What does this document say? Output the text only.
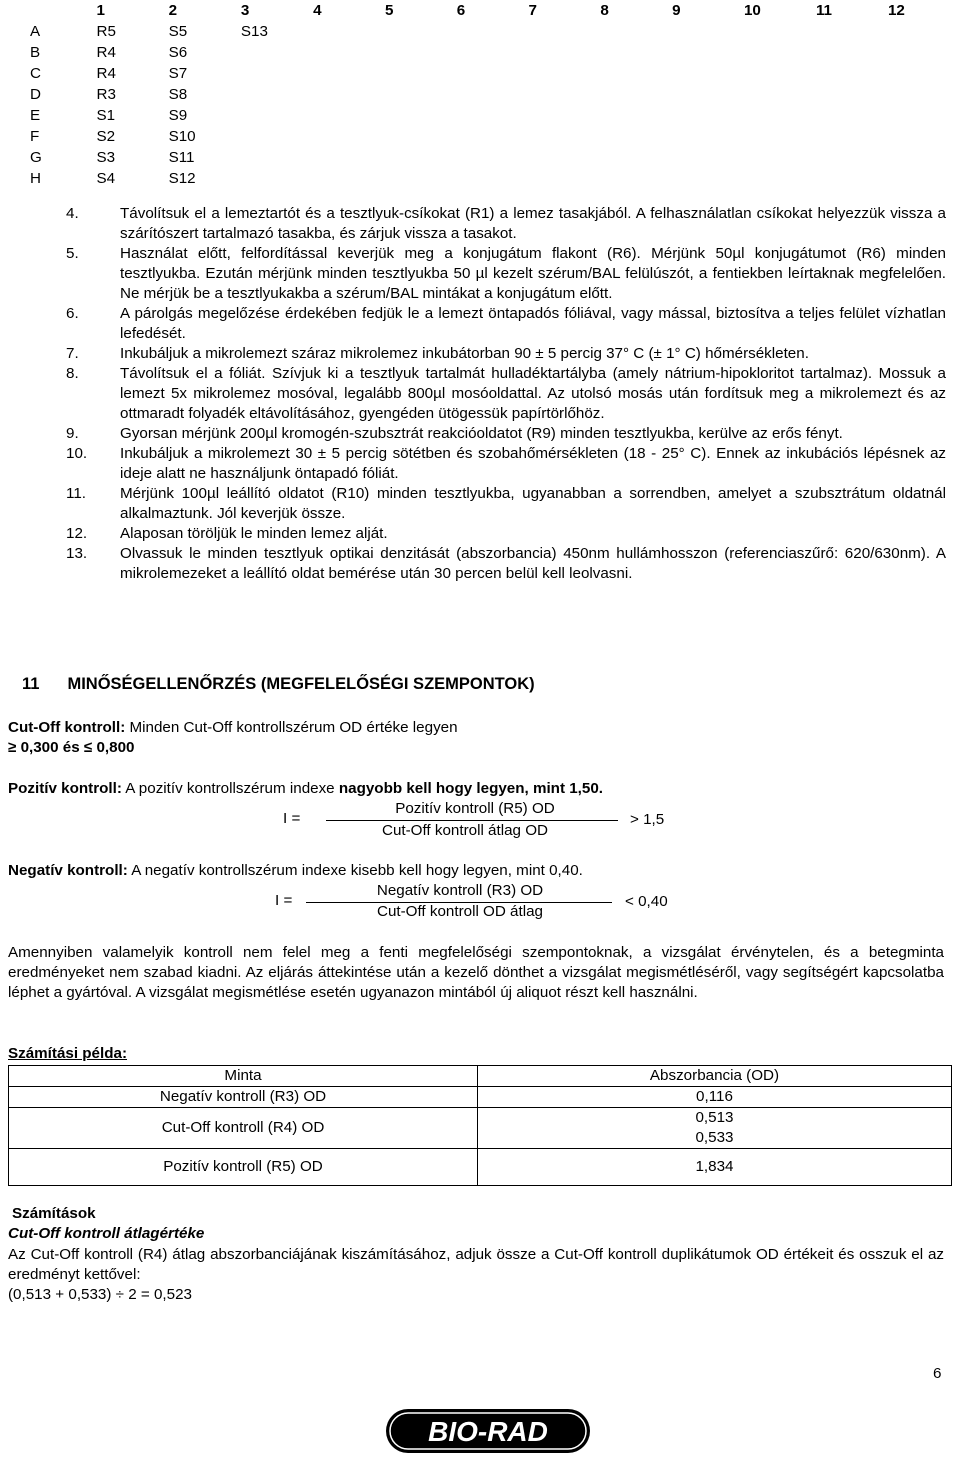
	1	2	3	4	5	6	7	8	9	10	11	12
A	R5	S5	S13									
B	R4	S6										
C	R4	S7										
D	R3	S8										
E	S1	S9										
F	S2	S10										
G	S3	S11										
H	S4	S12										
4.	Távolítsuk el a lemeztartót és a tesztlyuk-csíkokat (R1) a lemez tasakjából. A felhasználatlan csíkokat helyezzük vissza a szárítószert tartalmazó tasakba, és zárjuk vissza a tasakot.
5.	Használat előtt, felfordítással keverjük meg a konjugátum flakont (R6). Mérjünk 50µl konjugátumot (R6) minden tesztlyukba. Ezután mérjünk minden tesztlyukba 50 µl kezelt szérum/BAL felülúszót, a fentiekben leírtaknak megfelelően. Ne mérjük be a tesztlyukakba a szérum/BAL mintákat a konjugátum előtt.
6.	A párolgás megelőzése érdekében fedjük le a lemezt öntapadós fóliával, vagy mással, biztosítva a teljes felület vízhatlan lefedését.
7.	Inkubáljuk a mikrolemezt száraz mikrolemez inkubátorban 90 ± 5 percig 37° C (± 1° C) hőmérsékleten.
8.	Távolítsuk el a fóliát. Szívjuk ki a tesztlyuk tartalmát hulladéktartályba (amely nátrium-hipokloritot tartalmaz). Mossuk a lemezt 5x mikrolemez mosóval, legalább 800µl mosóoldattal. Az utolsó mosás után fordítsuk meg a mikrolemezt és az ottmaradt folyadék eltávolításához, gyengéden ütögessük papírtörlőhöz.
9.	Gyorsan mérjünk 200µl kromogén-szubsztrát reakcióoldatot (R9) minden tesztlyukba, kerülve az erős fényt.
10.	Inkubáljuk a mikrolemezt 30 ± 5 percig sötétben és szobahőmérsékleten (18 - 25° C). Ennek az inkubációs lépésnek az ideje alatt ne használjunk öntapadó fóliát.
11.	Mérjünk 100µl leállító oldatot (R10) minden tesztlyukba, ugyanabban a sorrendben, amelyet a szubsztrátum oldatnál alkalmaztunk. Jól keverjük össze.
12.	Alaposan töröljük le minden lemez alját.
13.	Olvassuk le minden tesztlyuk optikai denzitását (abszorbancia) 450nm hullámhosszon (referenciaszűrő: 620/630nm). A mikrolemezeket a leállító oldat bemérése után 30 percen belül kell leolvasni.
11 MINŐSÉGELLENŐRZÉS (MEGFELELŐSÉGI SZEMPONTOK)
Cut-Off kontroll: Minden Cut-Off kontrollszérum OD értéke legyen
≥ 0,300 és ≤ 0,800
Pozitív kontroll: A pozitív kontrollszérum indexe nagyobb kell hogy legyen, mint 1,50.
I =
Pozitív kontroll (R5) OD
Cut-Off kontroll átlag OD
> 1,5
Negatív kontroll: A negatív kontrollszérum indexe kisebb kell hogy legyen, mint 0,40.
I =
Negatív kontroll (R3) OD
Cut-Off kontroll OD átlag
< 0,40
Amennyiben valamelyik kontroll nem felel meg a fenti megfelelőségi szempontoknak, a vizsgálat érvénytelen, és a betegminta eredményeket nem szabad kiadni. Az eljárás áttekintése után a kezelő dönthet a vizsgálat megismétléséről, vagy segítségért kapcsolatba léphet a gyártóval. A vizsgálat megismétlése esetén ugyanazon mintából új aliquot részt kell használni.
Számítási példa:
Minta	Abszorbancia (OD)
Negatív kontroll (R3) OD	0,116
Cut-Off kontroll (R4) OD	0,513
0,533

Pozitív kontroll (R5) OD	1,834
Számítások
Cut-Off kontroll átlagértéke
Az Cut-Off kontroll (R4) átlag abszorbanciájának kiszámításához, adjuk össze a Cut-Off kontroll duplikátumok OD értékeit és osszuk el az eredményt kettővel:
(0,513 + 0,533) ÷ 2 = 0,523
6
BIO-RAD
